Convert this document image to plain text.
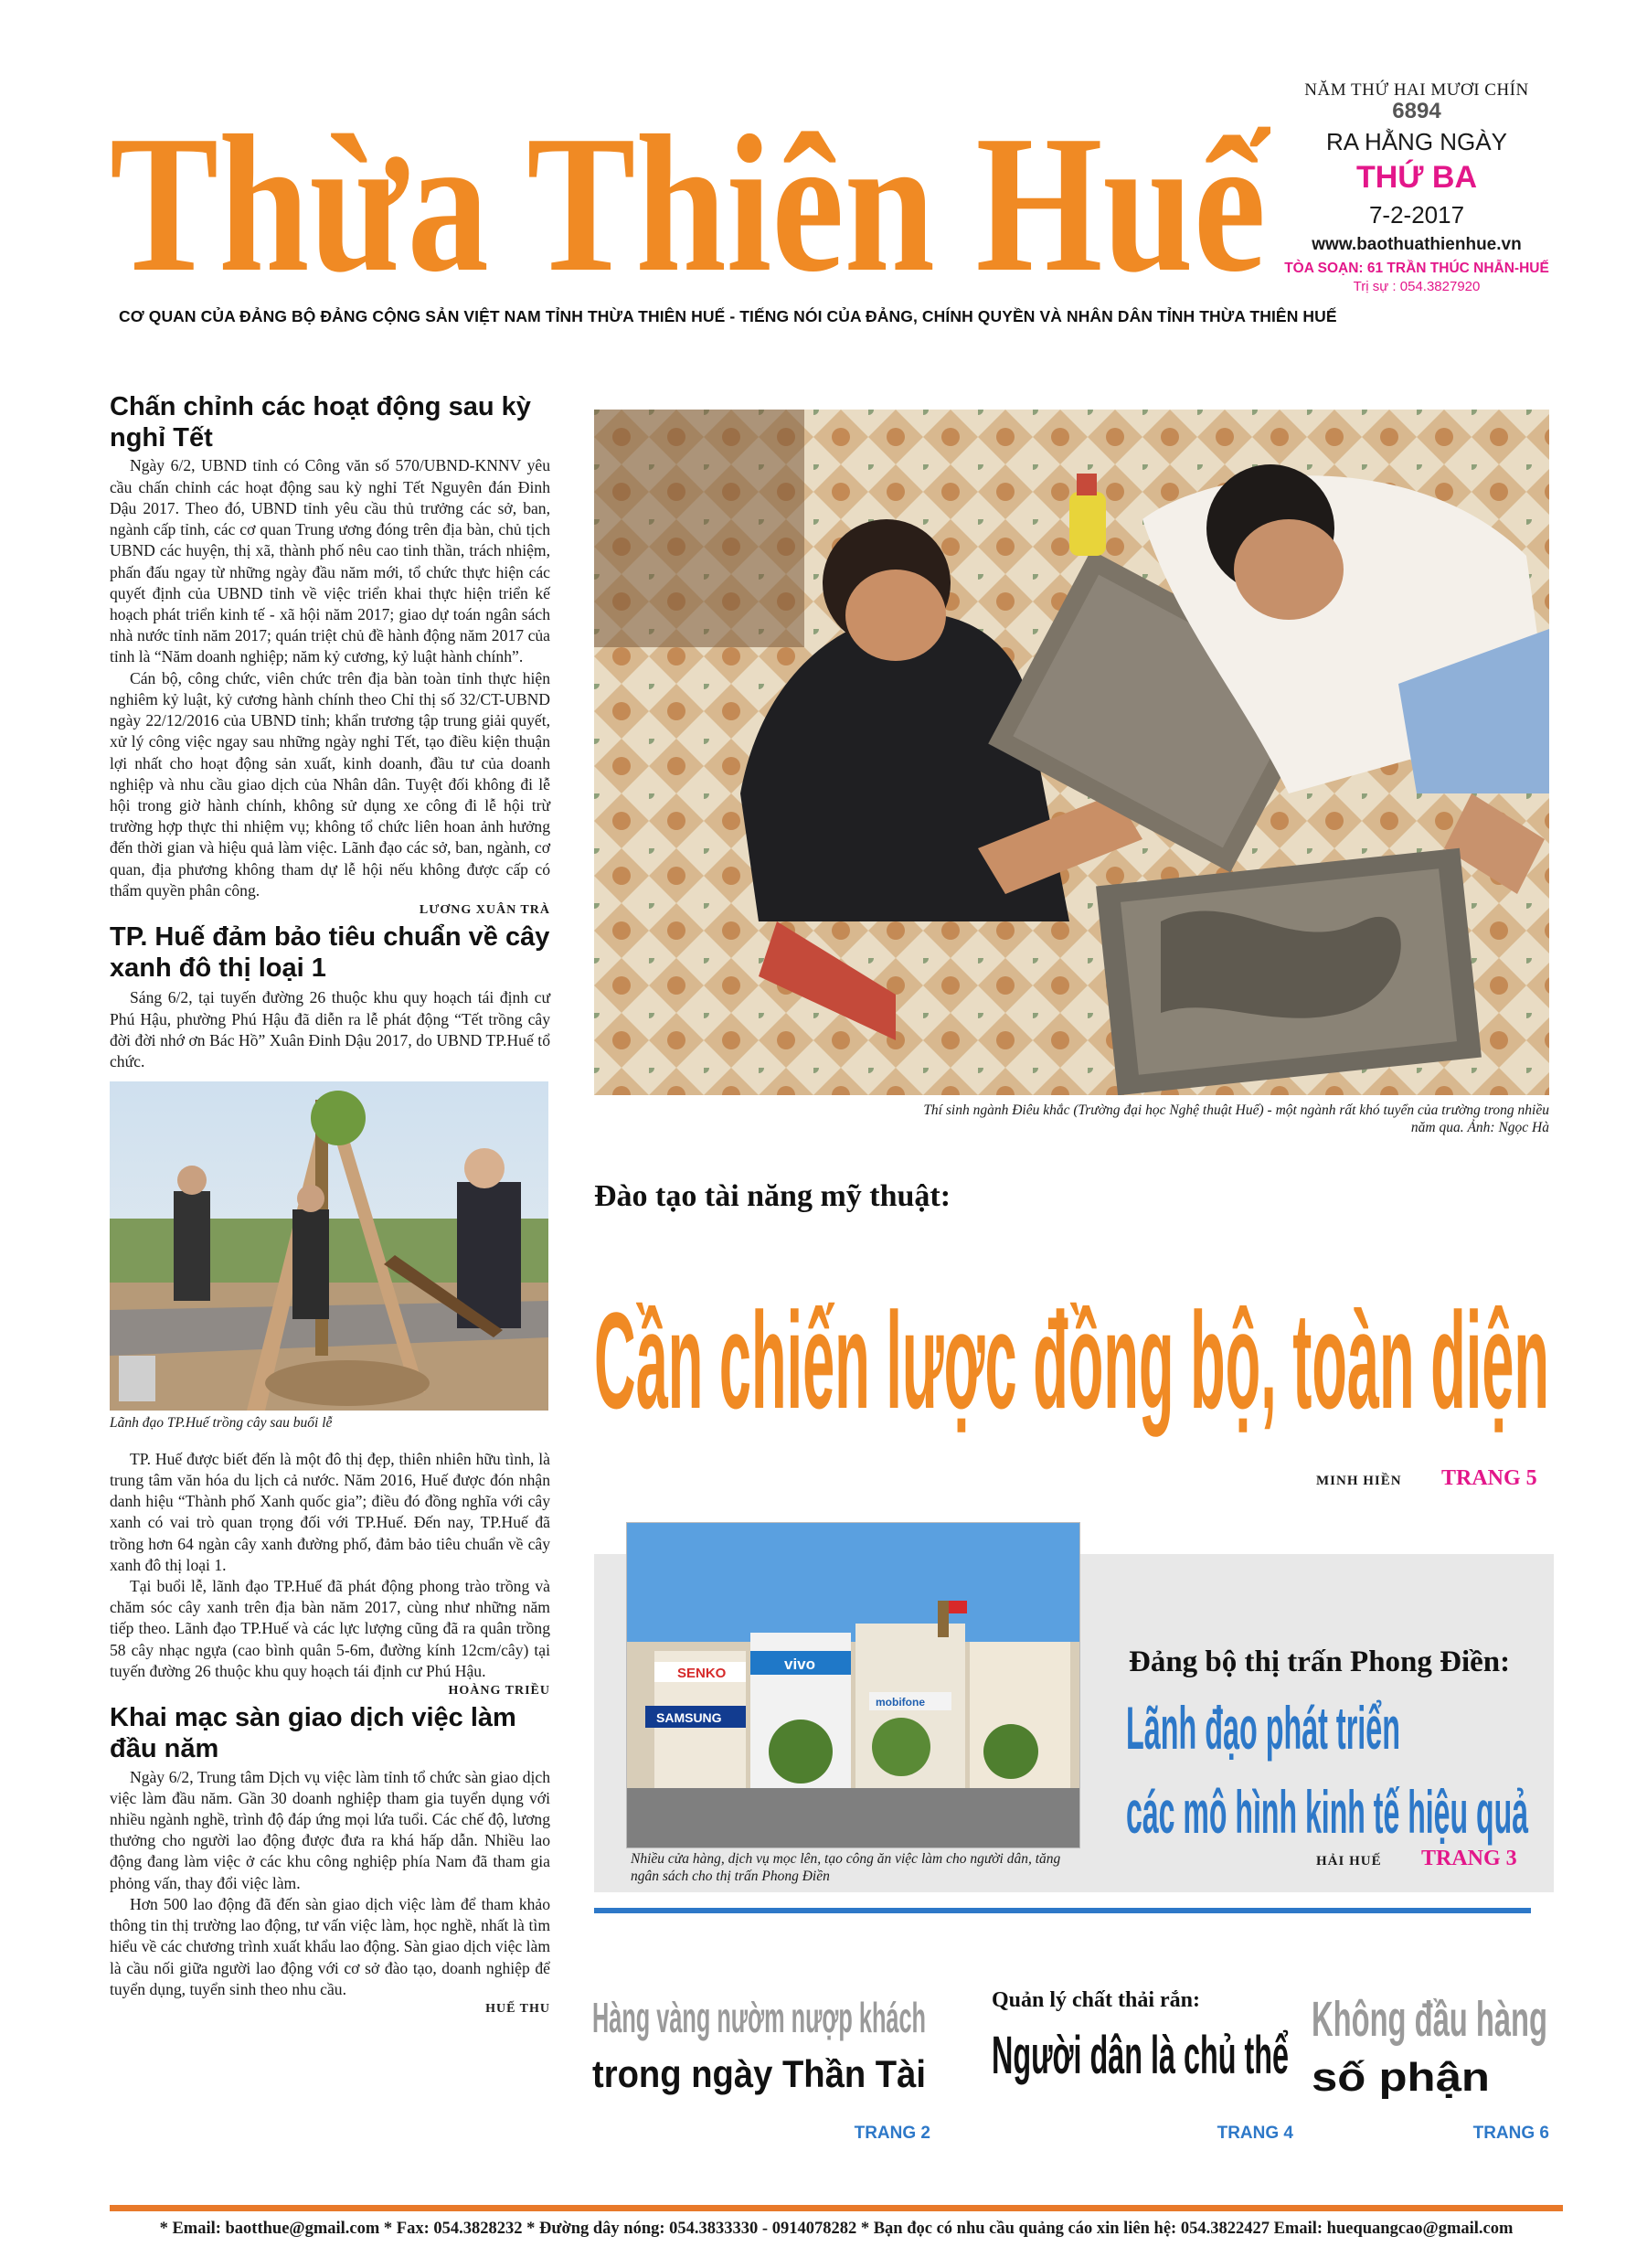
Thừa Thiên Huế
CƠ QUAN CỦA ĐẢNG BỘ ĐẢNG CỘNG SẢN VIỆT NAM TỈNH THỪA THIÊN HUẾ - TIẾNG NÓI CỦA ĐẢNG, CHÍNH QUYỀN VÀ NHÂN DÂN TỈNH THỪA THIÊN HUẾ
NĂM THỨ HAI MƯƠI CHÍN
6894
RA HẰNG NGÀY
THỨ BA
7-2-2017
www.baothuathienhue.vn
TÒA SOẠN: 61 TRẦN THÚC NHẪN-HUẾ
Trị sự : 054.3827920
Chấn chỉnh các hoạt động sau kỳ nghỉ Tết

Ngày 6/2, UBND tỉnh có Công văn số 570/UBND-KNNV yêu cầu chấn chỉnh các hoạt động sau kỳ nghỉ Tết Nguyên đán Đinh Dậu 2017. Theo đó, UBND tỉnh yêu cầu thủ trưởng các sở, ban, ngành cấp tỉnh, các cơ quan Trung ương đóng trên địa bàn, chủ tịch UBND các huyện, thị xã, thành phố nêu cao tinh thần, trách nhiệm, phấn đấu ngay từ những ngày đầu năm mới, tổ chức thực hiện các quyết định của UBND tỉnh về việc triển khai thực hiện triển kế hoạch phát triển kinh tế - xã hội năm 2017; giao dự toán ngân sách nhà nước tỉnh năm 2017; quán triệt chủ đề hành động năm 2017 của tỉnh là “Năm doanh nghiệp; năm kỷ cương, kỷ luật hành chính”.

Cán bộ, công chức, viên chức trên địa bàn toàn tỉnh thực hiện nghiêm kỷ luật, kỷ cương hành chính theo Chỉ thị số 32/CT-UBND ngày 22/12/2016 của UBND tỉnh; khẩn trương tập trung giải quyết, xử lý công việc ngay sau những ngày nghỉ Tết, tạo điều kiện thuận lợi nhất cho hoạt động sản xuất, kinh doanh, đầu tư của doanh nghiệp và nhu cầu giao dịch của Nhân dân. Tuyệt đối không đi lễ hội trong giờ hành chính, không sử dụng xe công đi lễ hội trừ trường hợp thực thi nhiệm vụ; không tổ chức liên hoan ảnh hưởng đến thời gian và hiệu quả làm việc. Lãnh đạo các sở, ban, ngành, cơ quan, địa phương không tham dự lễ hội nếu không được cấp có thẩm quyền phân công.

LƯƠNG XUÂN TRÀ
TP. Huế đảm bảo tiêu chuẩn về cây xanh đô thị loại 1

Sáng 6/2, tại tuyến đường 26 thuộc khu quy hoạch tái định cư Phú Hậu, phường Phú Hậu đã diễn ra lễ phát động “Tết trồng cây đời đời nhớ ơn Bác Hồ” Xuân Đinh Dậu 2017, do UBND TP.Huế tổ chức.

Lãnh đạo TP.Huế trồng cây sau buổi lễ

TP. Huế được biết đến là một đô thị đẹp, thiên nhiên hữu tình, là trung tâm văn hóa du lịch cả nước. Năm 2016, Huế được đón nhận danh hiệu “Thành phố Xanh quốc gia”; điều đó đồng nghĩa với cây xanh có vai trò quan trọng đối với TP.Huế. Đến nay, TP.Huế đã trồng hơn 64 ngàn cây xanh đường phố, đảm bảo tiêu chuẩn về cây xanh đô thị loại 1.

Tại buổi lễ, lãnh đạo TP.Huế đã phát động phong trào trồng và chăm sóc cây xanh trên địa bàn năm 2017, cùng như những năm tiếp theo. Lãnh đạo TP.Huế và các lực lượng cũng đã ra quân trồng 58 cây nhạc ngựa (cao bình quân 5-6m, đường kính 12cm/cây) tại tuyến đường 26 thuộc khu quy hoạch tái định cư Phú Hậu.

HOÀNG TRIỀU
Khai mạc sàn giao dịch việc làm đầu năm

Ngày 6/2, Trung tâm Dịch vụ việc làm tỉnh tổ chức sàn giao dịch việc làm đầu năm. Gần 30 doanh nghiệp tham gia tuyển dụng với nhiều ngành nghề, trình độ đáp ứng mọi lứa tuổi. Các chế độ, lương thưởng cho người lao động được đưa ra khá hấp dẫn. Nhiều lao động đang làm việc ở các khu công nghiệp phía Nam đã tham gia phỏng vấn, thay đổi việc làm.

Hơn 500 lao động đã đến sàn giao dịch việc làm để tham khảo thông tin thị trường lao động, tư vấn việc làm, học nghề, nhất là tìm hiểu về các chương trình xuất khẩu lao động. Sàn giao dịch việc làm là cầu nối giữa người lao động với cơ sở đào tạo, doanh nghiệp để tuyển dụng, tuyển sinh theo nhu cầu.

HUẾ THU
Thí sinh ngành Điêu khắc (Trường đại học Nghệ thuật Huế) - một ngành rất khó tuyển của trường trong nhiều năm qua. Ảnh: Ngọc Hà
Đào tạo tài năng mỹ thuật:
Cần chiến lược đồng bộ, toàn diện
MINH HIỀN TRANG 5
SENKO
vivo
SAMSUNG
mobifone
Nhiều cửa hàng, dịch vụ mọc lên, tạo công ăn việc làm cho người dân, tăng ngân sách cho thị trấn Phong Điền
Đảng bộ thị trấn Phong Điền:
Lãnh đạo phát triển
các mô hình kinh tế hiệu quả
HẢI HUẾ TRANG 3
Hàng vàng nườm nượp khách
trong ngày Thần Tài
TRANG 2
Quản lý chất thải rắn:
Người dân là chủ thể
TRANG 4
Không đầu hàng
số phận
TRANG 6
* Email: baotthue@gmail.com * Fax: 054.3828232 * Đường dây nóng: 054.3833330 - 0914078282 * Bạn đọc có nhu cầu quảng cáo xin liên hệ: 054.3822427 Email: huequangcao@gmail.com
